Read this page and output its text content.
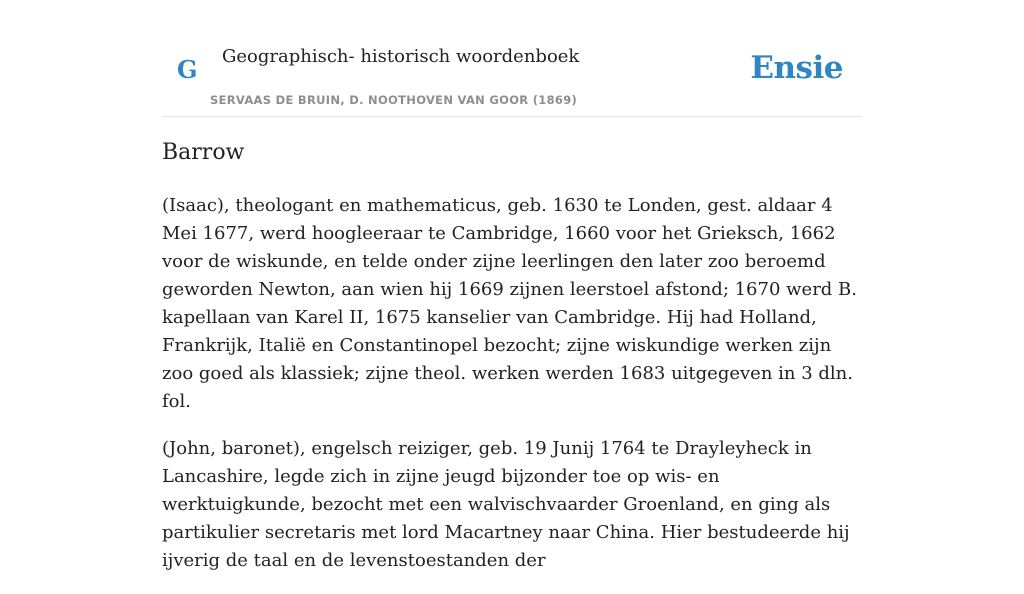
G Geographisch- historisch woordenboek
SERVAAS DE BRUIN, D. NOOTHOVEN VAN GOOR (1869)
Ensie
Barrow

(Isaac), theologant en mathematicus, geb. 1630 te Londen, gest. aldaar 4 Mei 1677, werd hoogleeraar te Cambridge, 1660 voor het Grieksch, 1662 voor de wiskunde, en telde onder zijne leerlingen den later zoo beroemd geworden Newton, aan wien hij 1669 zijnen leerstoel afstond; 1670 werd B. kapellaan van Karel II, 1675 kanselier van Cambridge. Hij had Holland, Frankrijk, Italië en Constantinopel bezocht; zijne wiskundige werken zijn zoo goed als klassiek; zijne theol. werken werden 1683 uitgegeven in 3 dln. fol.

(John, baronet), engelsch reiziger, geb. 19 Junij 1764 te Drayleyheck in Lancashire, legde zich in zijne jeugd bijzonder toe op wis- en werktuigkunde, bezocht met een walvischvaarder Groenland, en ging als partikulier secretaris met lord Macartney naar China. Hier bestudeerde hij ijverig de taal en de levenstoestanden der
